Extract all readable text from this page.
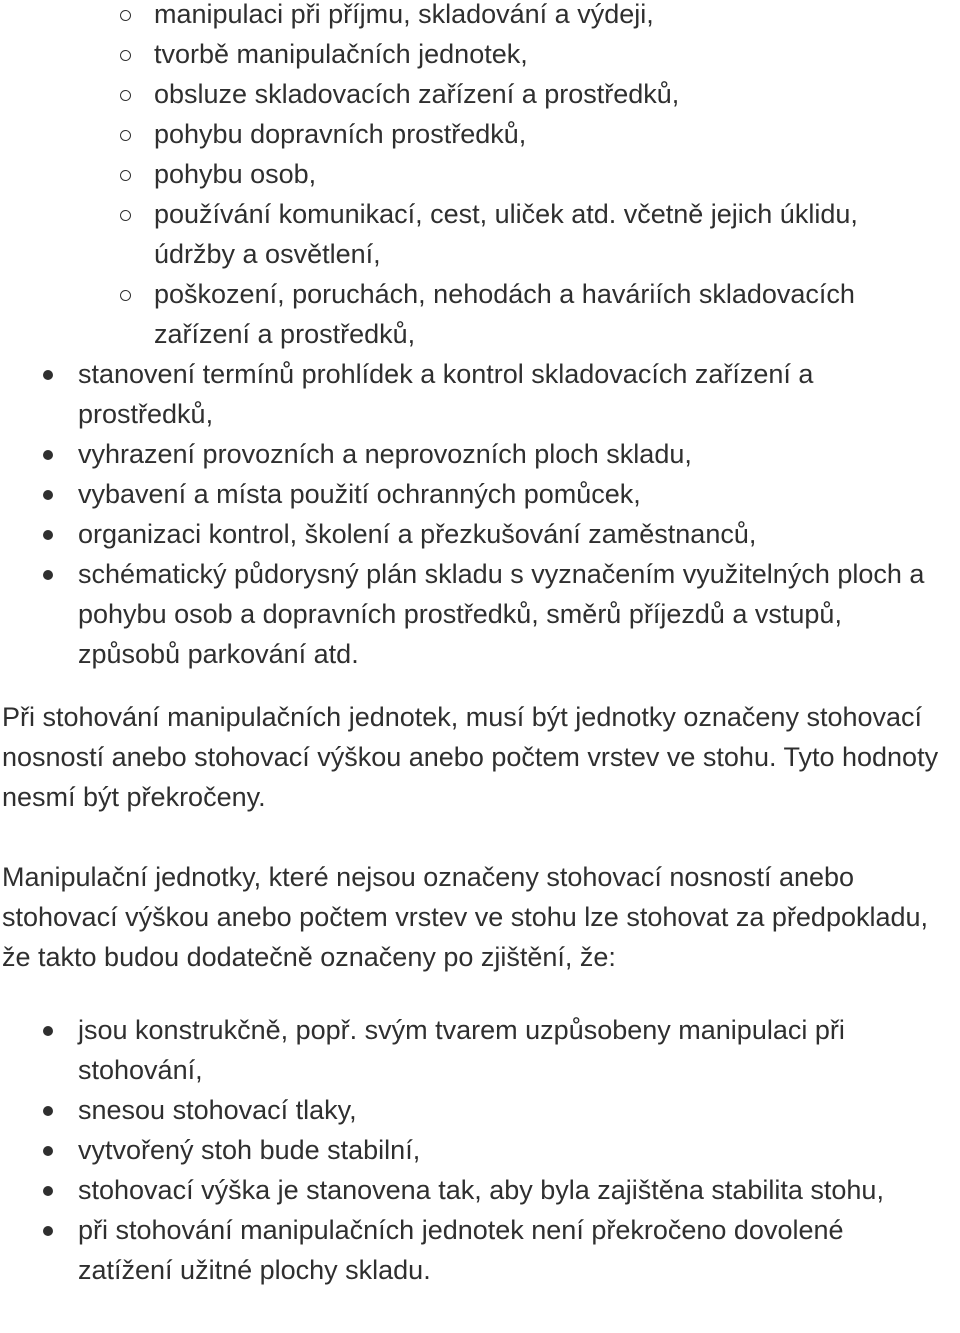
manipulaci při příjmu, skladování a výdeji,
tvorbě manipulačních jednotek,
obsluze skladovacích zařízení a prostředků,
pohybu dopravních prostředků,
pohybu osob,
používání komunikací, cest, uliček atd. včetně jejich úklidu, údržby a osvětlení,
poškození, poruchách, nehodách a haváriích skladovacích zařízení a prostředků,
stanovení termínů prohlídek a kontrol skladovacích zařízení a prostředků,
vyhrazení provozních a neprovozních ploch skladu,
vybavení a místa použití ochranných pomůcek,
organizaci kontrol, školení a přezkušování zaměstnanců,
schématický půdorysný plán skladu s vyznačením využitelných ploch a pohybu osob a dopravních prostředků, směrů příjezdů a vstupů, způsobů parkování atd.

Při stohování manipulačních jednotek, musí být jednotky označeny stohovací nosností anebo stohovací výškou anebo počtem vrstev ve stohu. Tyto hodnoty nesmí být překročeny.

Manipulační jednotky, které nejsou označeny stohovací nosností anebo stohovací výškou anebo počtem vrstev ve stohu lze stohovat za předpokladu, že takto budou dodatečně označeny po zjištění, že:

jsou konstrukčně, popř. svým tvarem uzpůsobeny manipulaci při stohování,
snesou stohovací tlaky,
vytvořený stoh bude stabilní,
stohovací výška je stanovena tak, aby byla zajištěna stabilita stohu,
při stohování manipulačních jednotek není překročeno dovolené zatížení užitné plochy skladu.
